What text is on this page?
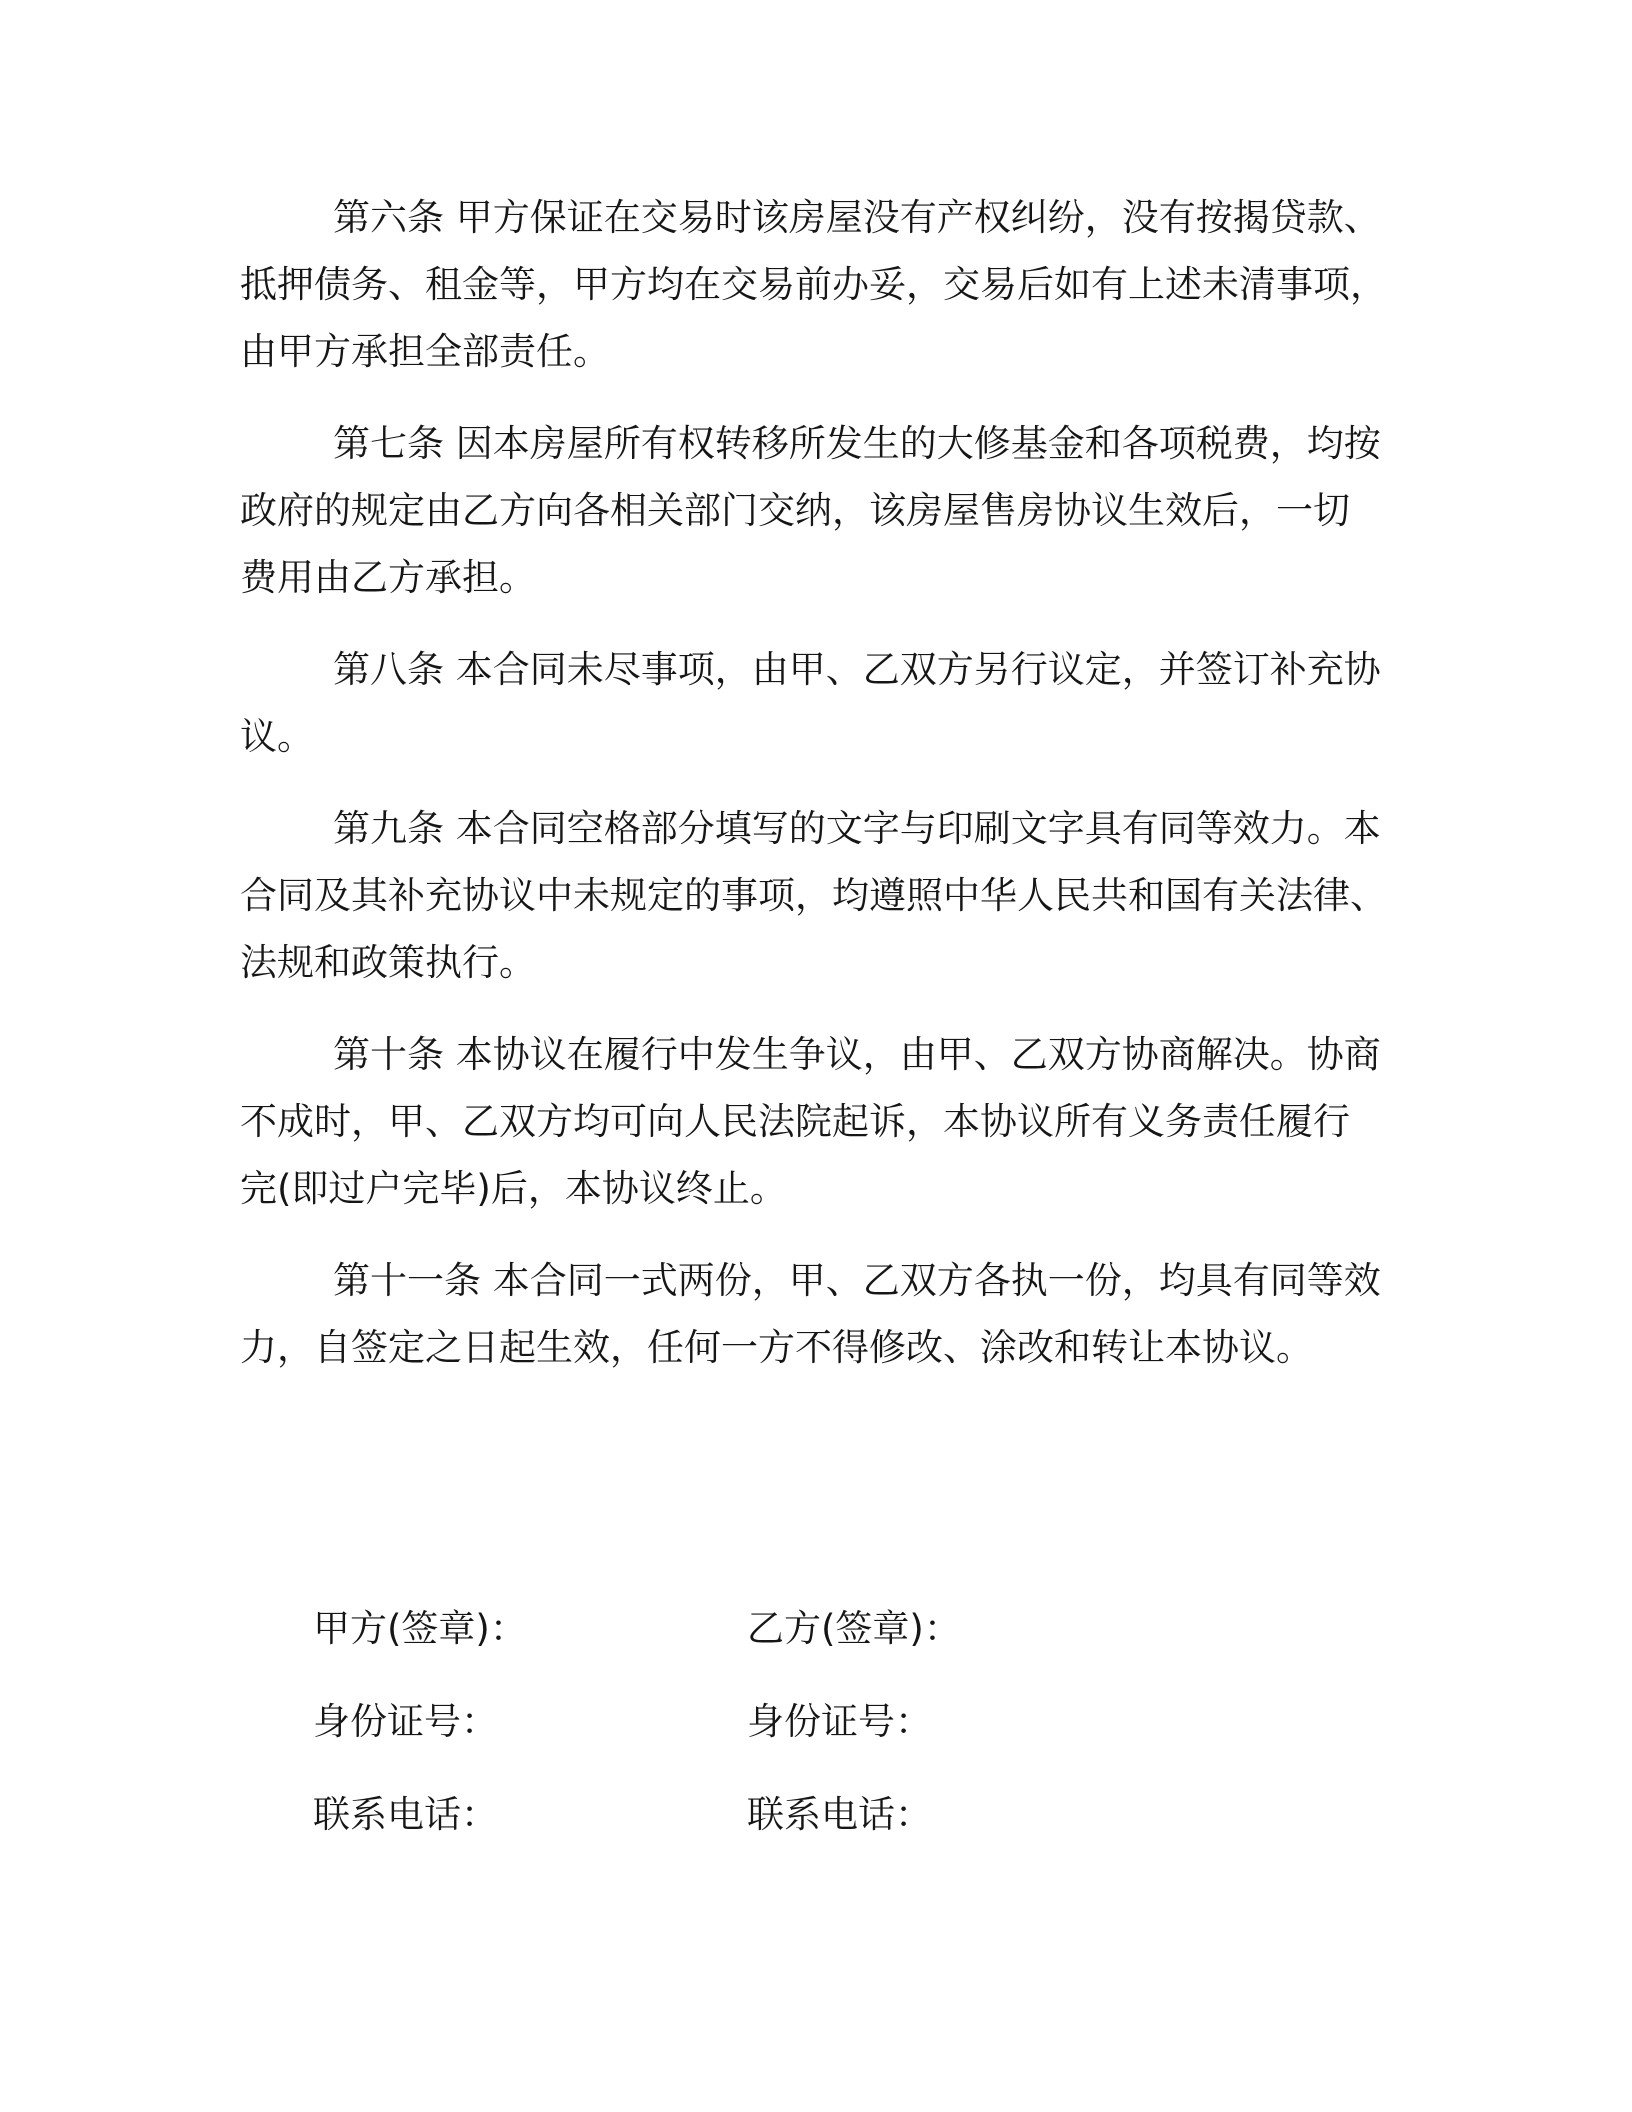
第六条 甲方保证在交易时该房屋没有产权纠纷，没有按揭贷款、
抵押债务、租金等，甲方均在交易前办妥，交易后如有上述未清事项，
由甲方承担全部责任。
第七条 因本房屋所有权转移所发生的大修基金和各项税费，均按
政府的规定由乙方向各相关部门交纳，该房屋售房协议生效后，一切
费用由乙方承担。
第八条 本合同未尽事项，由甲、乙双方另行议定，并签订补充协
议。
第九条 本合同空格部分填写的文字与印刷文字具有同等效力。本
合同及其补充协议中未规定的事项，均遵照中华人民共和国有关法律、
法规和政策执行。
第十条 本协议在履行中发生争议，由甲、乙双方协商解决。协商
不成时，甲、乙双方均可向人民法院起诉，本协议所有义务责任履行
完(即过户完毕)后，本协议终止。
第十一条 本合同一式两份，甲、乙双方各执一份，均具有同等效
力，自签定之日起生效，任何一方不得修改、涂改和转让本协议。
甲方(签章)：	乙方(签章)：
身份证号：	身份证号：
联系电话：	联系电话：
